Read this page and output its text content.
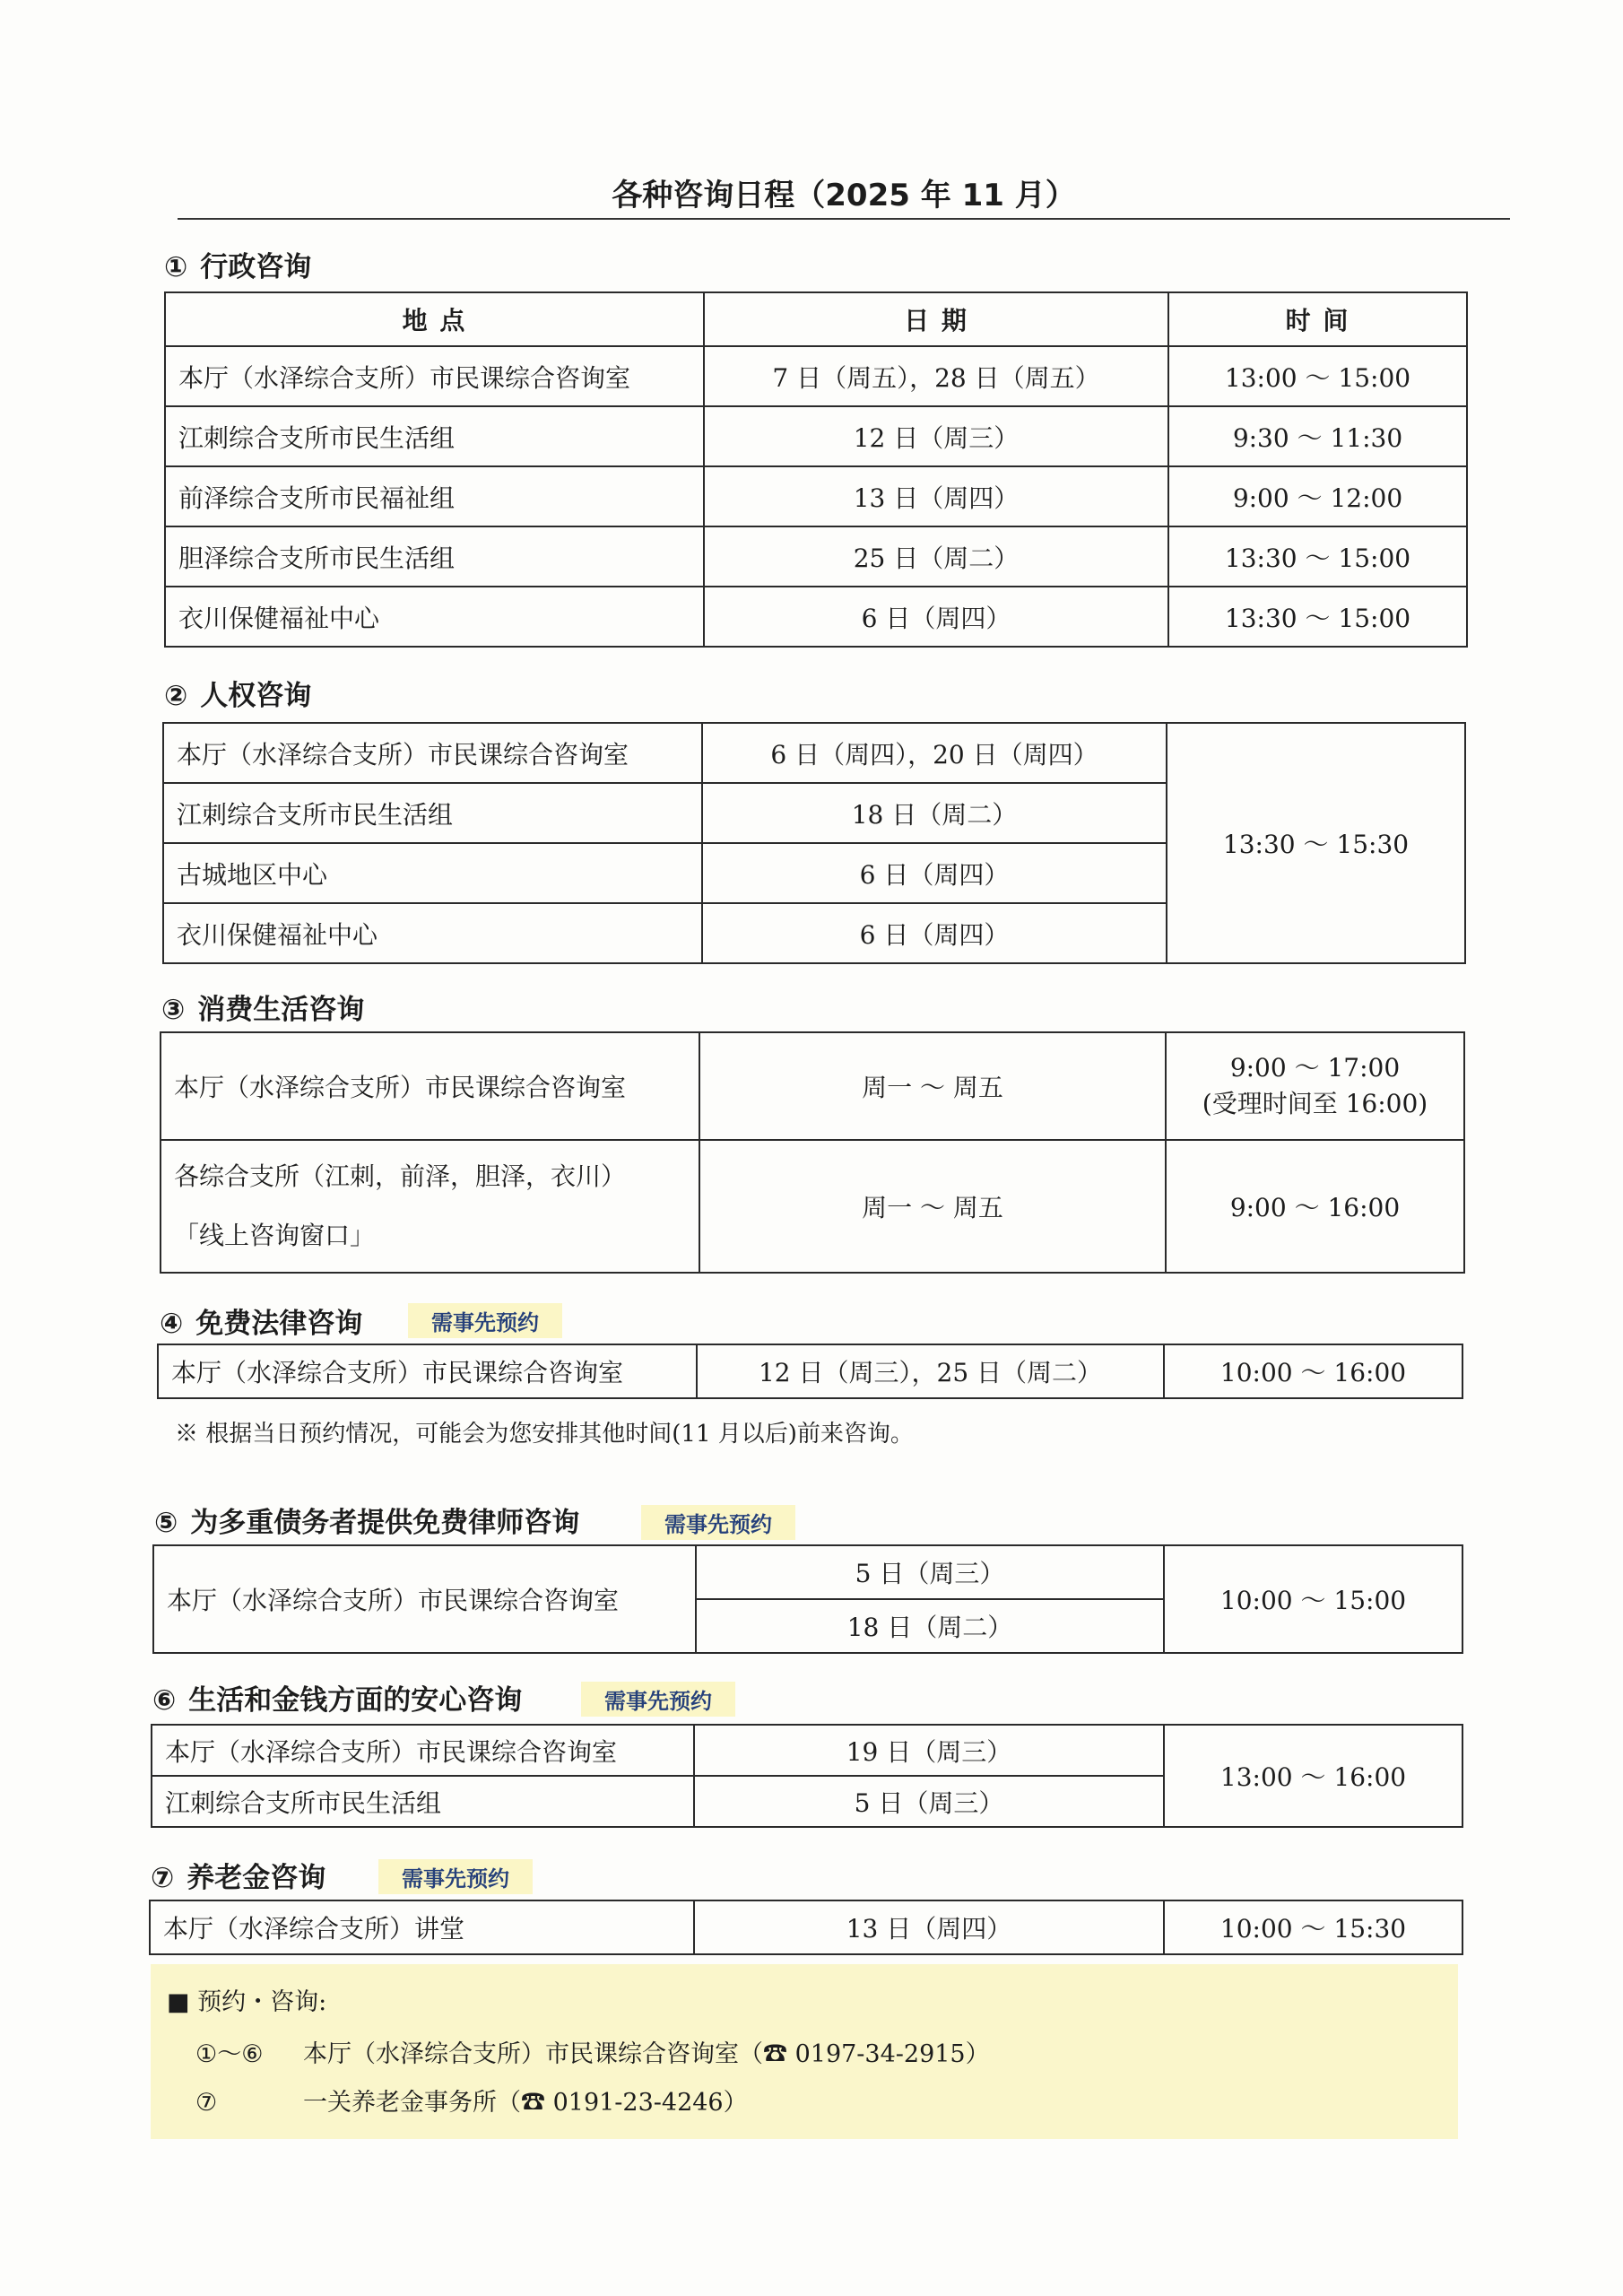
各种咨询日程（2025 年 11 月）
① 行政咨询
地 点	日 期	时 间
本厅（水泽综合支所）市民课综合咨询室	7 日（周五），28 日（周五）	13:00 ～ 15:00
江刺综合支所市民生活组	12 日（周三）	9:30 ～ 11:30
前泽综合支所市民福祉组	13 日（周四）	9:00 ～ 12:00
胆泽综合支所市民生活组	25 日（周二）	13:30 ～ 15:00
衣川保健福祉中心	6 日（周四）	13:30 ～ 15:00
② 人权咨询
本厅（水泽综合支所）市民课综合咨询室	6 日（周四），20 日（周四）	13:30 ～ 15:30
江刺综合支所市民生活组	18 日（周二）	
古城地区中心	6 日（周四）	
衣川保健福祉中心	6 日（周四）	
③ 消费生活咨询
本厅（水泽综合支所）市民课综合咨询室	周一 ～ 周五	9:00 ～ 17:00
(受理时间至 16:00)

各综合支所（江刺，前泽，胆泽，衣川）
「线上咨询窗口」	周一 ～ 周五	9:00 ～ 16:00
④ 免费法律咨询	需事先预约
本厅（水泽综合支所）市民课综合咨询室	12 日（周三），25 日（周二）	10:00 ～ 16:00
※ 根据当日预约情况，可能会为您安排其他时间(11 月以后)前来咨询。
⑤ 为多重债务者提供免费律师咨询	需事先预约
本厅（水泽综合支所）市民课综合咨询室	5 日（周三）	10:00 ～ 15:00
18 日（周二）
⑥ 生活和金钱方面的安心咨询	需事先预约
本厅（水泽综合支所）市民课综合咨询室	19 日（周三）	13:00 ～ 16:00
江刺综合支所市民生活组	5 日（周三）	
⑦ 养老金咨询	需事先预约
本厅（水泽综合支所）讲堂	13 日（周四）	10:00 ～ 15:30
■ 预约・咨询:
①～⑥ 本厅（水泽综合支所）市民课综合咨询室（☎ 0197-34-2915）
⑦	一关养老金事务所（☎ 0191-23-4246）
